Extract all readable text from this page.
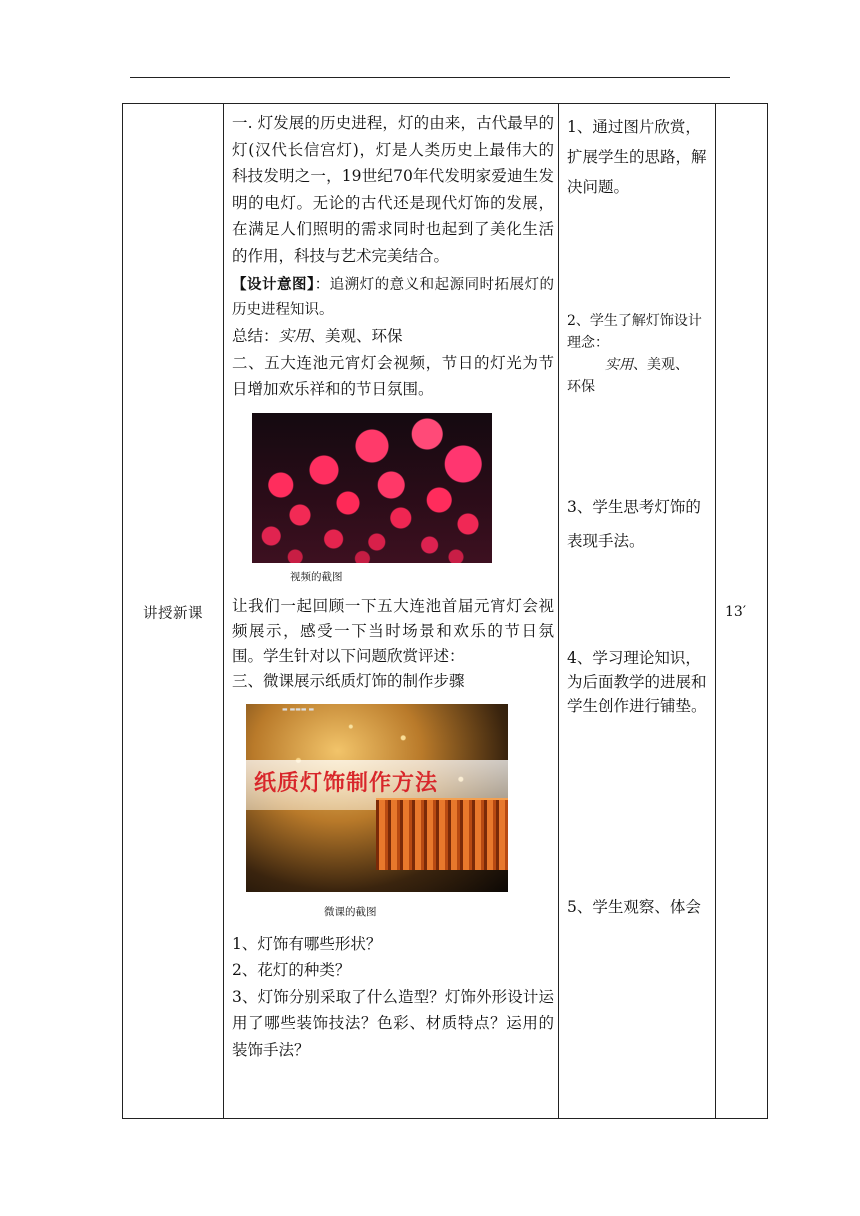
讲授新课

一. 灯发展的历史进程，灯的由来，古代最早的灯(汉代长信宫灯)，灯是人类历史上最伟大的科技发明之一，19世纪70年代发明家爱迪生发明的电灯。无论的古代还是现代灯饰的发展，在满足人们照明的需求同时也起到了美化生活的作用，科技与艺术完美结合。

【设计意图】：追溯灯的意义和起源同时拓展灯的历史进程知识。

总结：实用、美观、环保

二、五大连池元宵灯会视频，节日的灯光为节日增加欢乐祥和的节日氛围。

视频的截图

让我们一起回顾一下五大连池首届元宵灯会视频展示，感受一下当时场景和欢乐的节日氛围。学生针对以下问题欣赏评述：

三、微课展示纸质灯饰的制作步骤

▬ ▬▬▬ ▬
纸质灯饰制作方法
微课的截图

1、灯饰有哪些形状？

2、花灯的种类？

3、灯饰分别采取了什么造型？灯饰外形设计运用了哪些装饰技法？色彩、材质特点？运用的装饰手法？

1、通过图片欣赏，扩展学生的思路，解决问题。
2、学生了解灯饰设计理念：
实用、美观、
环保
3、学生思考灯饰的表现手法。
4、学习理论知识，为后面教学的进展和学生创作进行铺垫。
5、学生观察、体会
13′
